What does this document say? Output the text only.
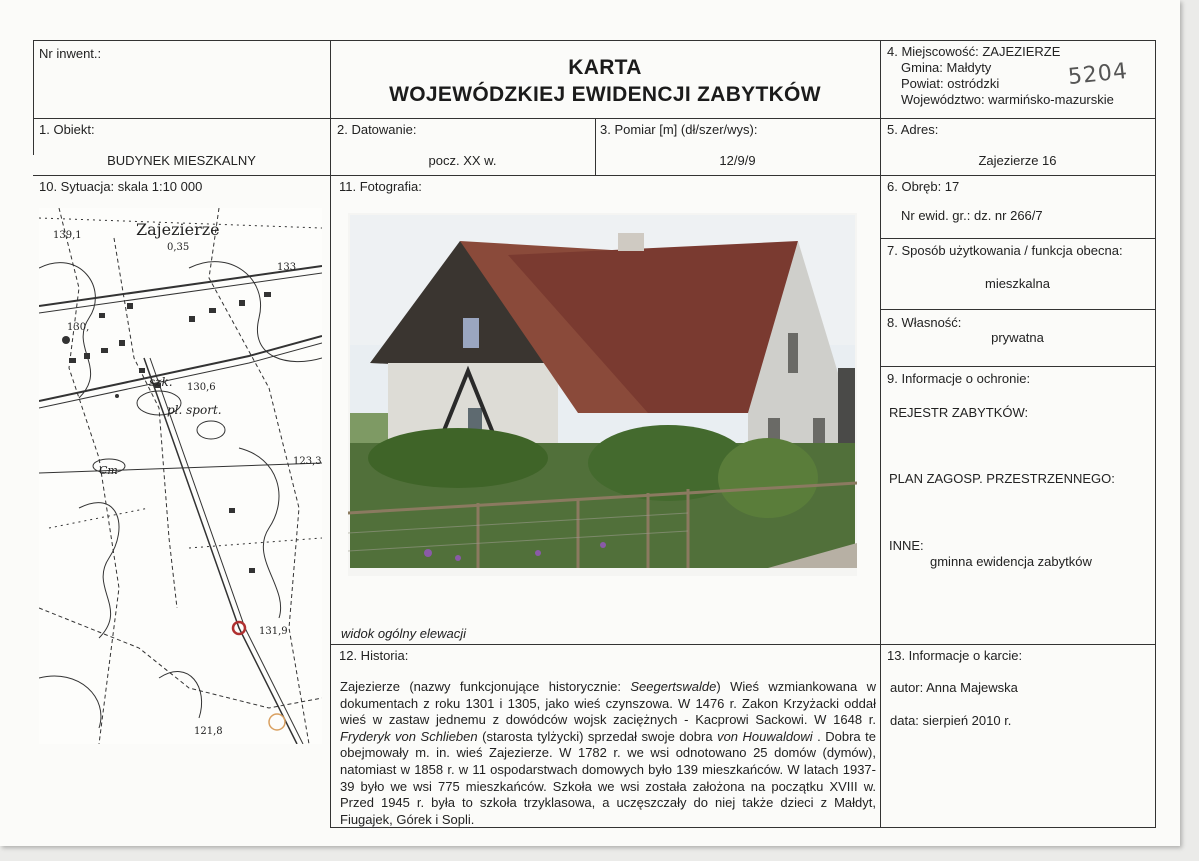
Nr inwent.:
KARTA
WOJEWÓDZKIEJ EWIDENCJI ZABYTKÓW
4. Miejscowość: ZAJEZIERZE
Gmina: Małdyty
Powiat: ostródzki
Województwo: warmińsko-mazurskie
5204
1. Obiekt:
BUDYNEK MIESZKALNY
2. Datowanie:
pocz. XX w.
3. Pomiar [m] (dł/szer/wys):
12/9/9
5. Adres:
Zajezierze 16
10. Sytuacja: skala 1:10 000	11. Fotografia:	6. Obręb: 17
Nr ewid. gr.: dz. nr 266/7
7. Sposób użytkowania / funkcja obecna:
mieszkalna
8. Własność:
prywatna
9. Informacje o ochronie:
REJESTR ZABYTKÓW:
PLAN ZAGOSP. PRZESTRZENNEGO:
INNE:
gminna ewidencja zabytków
Zajezierze
0,35
139,1
133
130,
130,6
123,3
131,9
121,8
szk.
pl. sport.
Cm
widok ogólny elewacji
12. Historia:
Zajezierze (nazwy funkcjonujące historycznie: Seegertswalde) Wieś wzmiankowana w dokumentach z roku 1301 i 1305, jako wieś czynszowa. W 1476 r. Zakon Krzyżacki oddał wieś w zastaw jednemu z dowódców wojsk zaciężnych - Kacprowi Sackowi. W 1648 r. Fryderyk von Schlieben (starosta tylżycki) sprzedał swoje dobra von Houwaldowi . Dobra te obejmowały m. in. wieś Zajezierze. W 1782 r. we wsi odnotowano 25 domów (dymów), natomiast w 1858 r. w 11 ospodarstwach domowych było 139 mieszkańców. W latach 1937-39 było we wsi 775 mieszkańców. Szkoła we wsi została założona na początku XVIII w. Przed 1945 r. była to szkoła trzyklasowa, a uczęszczały do niej także dzieci z Małdyt, Fiugajek, Górek i Sopli.
13. Informacje o karcie:
autor: Anna Majewska
data: sierpień 2010 r.
